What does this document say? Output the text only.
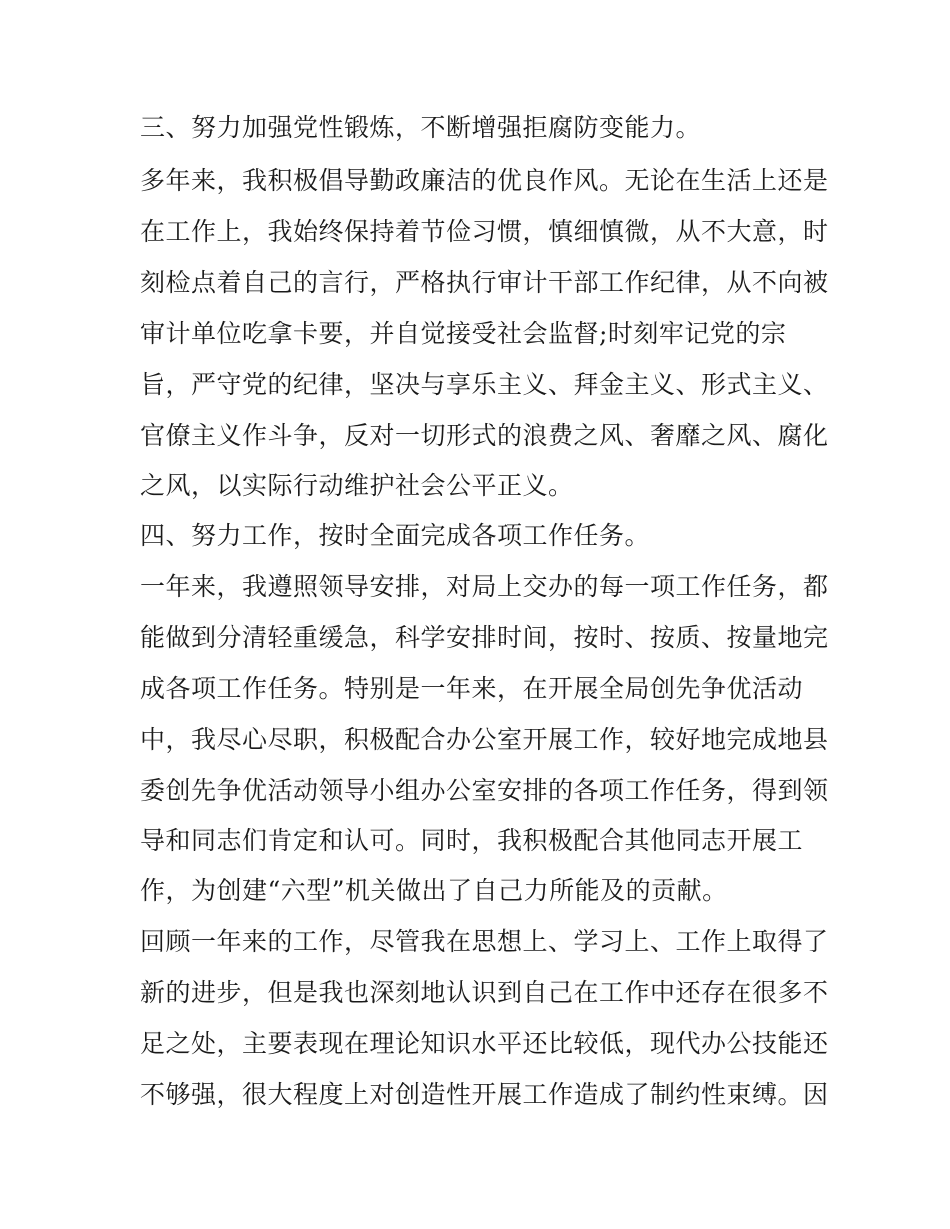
三、努力加强党性锻炼，不断增强拒腐防变能力。
多年来，我积极倡导勤政廉洁的优良作风。无论在生活上还是
在工作上，我始终保持着节俭习惯，慎细慎微，从不大意，时
刻检点着自己的言行，严格执行审计干部工作纪律，从不向被
审计单位吃拿卡要，并自觉接受社会监督;时刻牢记党的宗
旨，严守党的纪律，坚决与享乐主义、拜金主义、形式主义、
官僚主义作斗争，反对一切形式的浪费之风、奢靡之风、腐化
之风，以实际行动维护社会公平正义。
四、努力工作，按时全面完成各项工作任务。
一年来，我遵照领导安排，对局上交办的每一项工作任务，都
能做到分清轻重缓急，科学安排时间，按时、按质、按量地完
成各项工作任务。特别是一年来，在开展全局创先争优活动
中，我尽心尽职，积极配合办公室开展工作，较好地完成地县
委创先争优活动领导小组办公室安排的各项工作任务，得到领
导和同志们肯定和认可。同时，我积极配合其他同志开展工
作，为创建“六型”机关做出了自己力所能及的贡献。
回顾一年来的工作，尽管我在思想上、学习上、工作上取得了
新的进步，但是我也深刻地认识到自己在工作中还存在很多不
足之处，主要表现在理论知识水平还比较低，现代办公技能还
不够强，很大程度上对创造性开展工作造成了制约性束缚。因
